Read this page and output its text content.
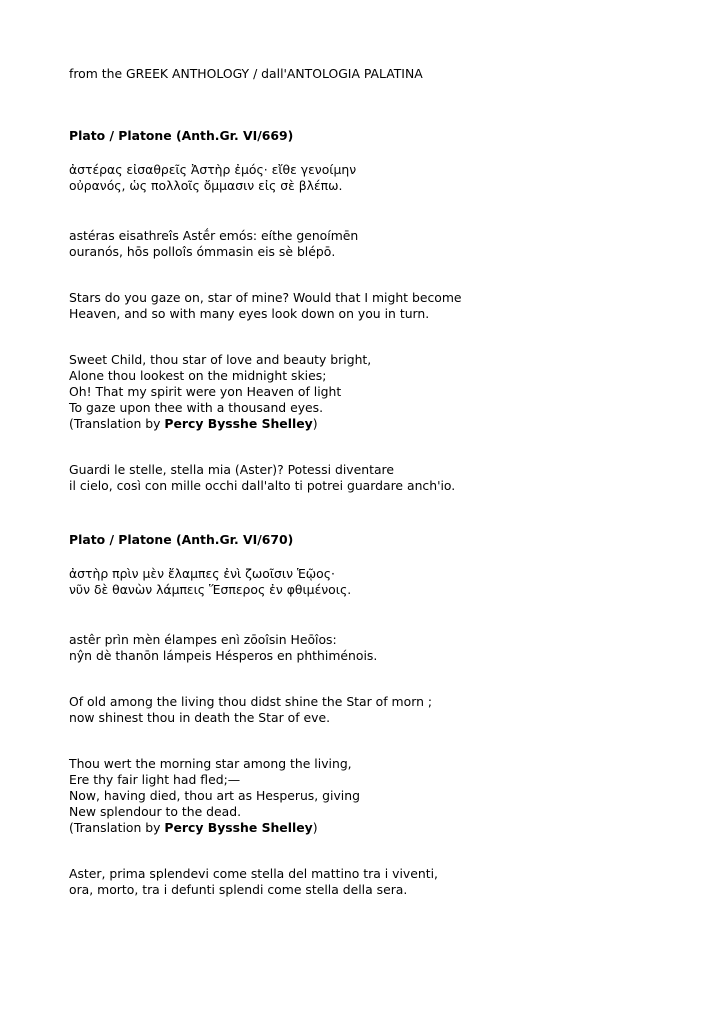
from the GREEK ANTHOLOGY / dall'ANTOLOGIA PALATINA
Plato / Platone (Anth.Gr. VI/669)
ἀστέρας εἰσαθρεῖς Ἀστὴρ ἐμός· εἴθε γενοίμην
οὐρανός, ὡς πολλοῖς ὄμμασιν εἰς σὲ βλέπω.
astéras eisathreîs Astḗr emós: eíthe genoímēn
ouranós, hōs polloîs ómmasin eis sè blépō.
Stars do you gaze on, star of mine? Would that I might become
Heaven, and so with many eyes look down on you in turn.
Sweet Child, thou star of love and beauty bright,
Alone thou lookest on the midnight skies;
Oh! That my spirit were yon Heaven of light
To gaze upon thee with a thousand eyes.
(Translation by Percy Bysshe Shelley)
Guardi le stelle, stella mia (Aster)? Potessi diventare
il cielo, così con mille occhi dall'alto ti potrei guardare anch'io.
Plato / Platone (Anth.Gr. VI/670)
ἀστὴρ πρὶν μὲν ἔλαμπες ἐνὶ ζωοῖσιν Ἑῷος·
νῦν δὲ θανὼν λάμπεις Ἕσπερος ἐν φθιμένοις.
astêr prìn mèn élampes enì zōoîsin Heōîos:
nŷn dè thanōn lámpeis Hésperos en phthiménois.
Of old among the living thou didst shine the Star of morn ;
now shinest thou in death the Star of eve.
Thou wert the morning star among the living,
Ere thy fair light had fled;—
Now, having died, thou art as Hesperus, giving
New splendour to the dead.
(Translation by Percy Bysshe Shelley)
Aster, prima splendevi come stella del mattino tra i viventi,
ora, morto, tra i defunti splendi come stella della sera.
